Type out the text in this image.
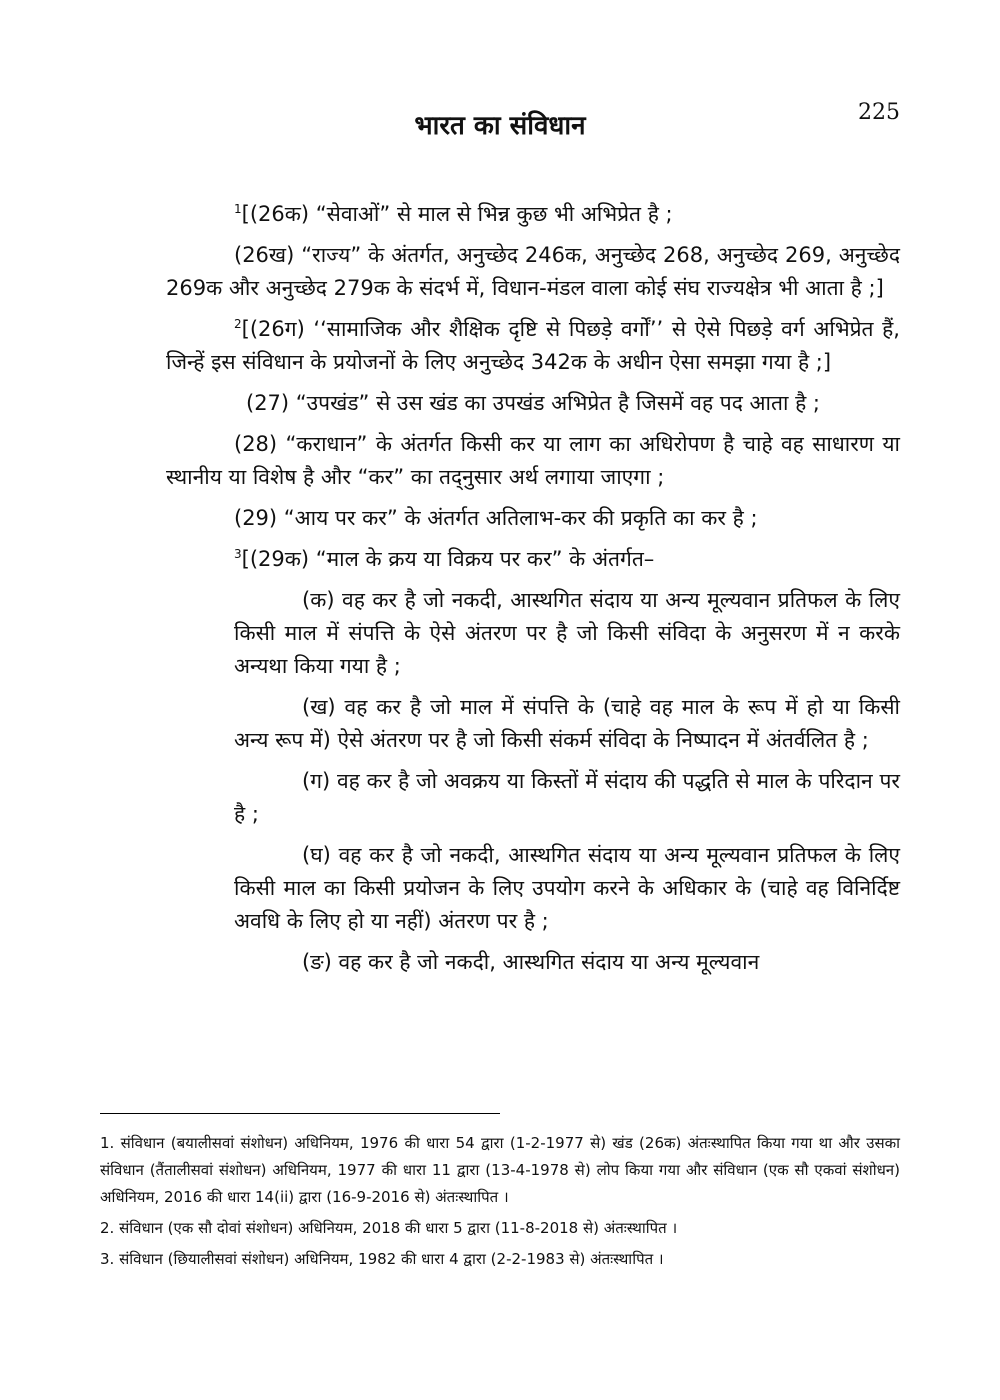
भारत का संविधान	225

$^1$[(26क) “सेवाओं” से माल से भिन्न कुछ भी अभिप्रेत है ;

(26ख) “राज्य” के अंतर्गत, अनुच्छेद 246क, अनुच्छेद 268, अनुच्छेद 269, अनुच्छेद 269क और अनुच्छेद 279क के संदर्भ में, विधान-मंडल वाला कोई संघ राज्यक्षेत्र भी आता है ;]

$^2$[(26ग) ‘‘सामाजिक और शैक्षिक दृष्टि से पिछड़े वर्गों’’ से ऐसे पिछड़े वर्ग अभिप्रेत हैं, जिन्हें इस संविधान के प्रयोजनों के लिए अनुच्छेद 342क के अधीन ऐसा समझा गया है ;]

(27) “उपखंड” से उस खंड का उपखंड अभिप्रेत है जिसमें वह पद आता है ;

(28) “कराधान” के अंतर्गत किसी कर या लाग का अधिरोपण है चाहे वह साधारण या स्थानीय या विशेष है और “कर” का तद्नुसार अर्थ लगाया जाएगा ;

(29) “आय पर कर” के अंतर्गत अतिलाभ-कर की प्रकृति का कर है ;

$^3$[(29क) “माल के क्रय या विक्रय पर कर” के अंतर्गत–

(क) वह कर है जो नकदी, आस्थगित संदाय या अन्य मूल्यवान प्रतिफल के लिए किसी माल में संपत्ति के ऐसे अंतरण पर है जो किसी संविदा के अनुसरण में न करके अन्यथा किया गया है ;

(ख) वह कर है जो माल में संपत्ति के (चाहे वह माल के रूप में हो या किसी अन्य रूप में) ऐसे अंतरण पर है जो किसी संकर्म संविदा के निष्पादन में अंतर्वलित है ;

(ग) वह कर है जो अवक्रय या किस्तों में संदाय की पद्धति से माल के परिदान पर है ;

(घ) वह कर है जो नकदी, आस्थगित संदाय या अन्य मूल्यवान प्रतिफल के लिए किसी माल का किसी प्रयोजन के लिए उपयोग करने के अधिकार के (चाहे वह विनिर्दिष्ट अवधि के लिए हो या नहीं) अंतरण पर है ;

(ङ) वह कर है जो नकदी, आस्थगित संदाय या अन्य मूल्यवान

1. संविधान (बयालीसवां संशोधन) अधिनियम, 1976 की धारा 54 द्वारा (1-2-1977 से) खंड (26क) अंतःस्थापित किया गया था और उसका संविधान (तैंतालीसवां संशोधन) अधिनियम, 1977 की धारा 11 द्वारा (13-4-1978 से) लोप किया गया और संविधान (एक सौ एकवां संशोधन) अधिनियम, 2016 की धारा 14(ii) द्वारा (16-9-2016 से) अंतःस्थापित ।

2. संविधान (एक सौ दोवां संशोधन) अधिनियम, 2018 की धारा 5 द्वारा (11-8-2018 से) अंतःस्थापित ।

3. संविधान (छियालीसवां संशोधन) अधिनियम, 1982 की धारा 4 द्वारा (2-2-1983 से) अंतःस्थापित ।
